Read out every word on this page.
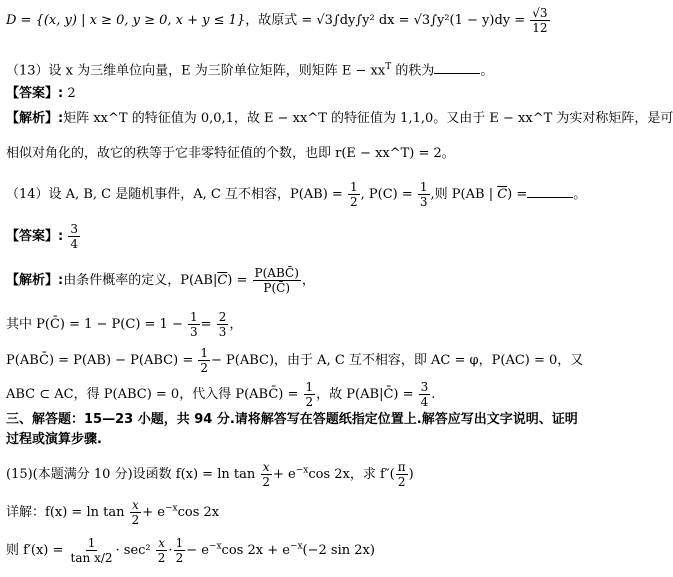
D = {(x, y) | x ≥ 0, y ≥ 0, x + y ≤ 1}，故原式 = √3∫dy∫y² dx = $√3\int y^2(1 - y)dy = \frac{√3}{12}$
（13）设 x 为三维单位向量，E 为三阶单位矩阵，则矩阵 $E - xx^T$ 的秩为	。
【答案】: 2
【解析】:矩阵 xx^T 的特征值为 0,0,1，故 E − xx^T 的特征值为 1,1,0。又由于 E − xx^T 为实对称矩阵，是可
相似对角化的，故它的秩等于它非零特征值的个数，也即 r(E − xx^T) = 2。
（14）设 A, B, C 是随机事件，A, C 互不相容，$P(AB) = \frac{1}{2}$ , $P(C) = \frac{1}{3}$ ,则 P(AB | $\overline{C}$) =	。
【答案】: $\frac{3}{4}$
【解析】:由条件概率的定义，$P(AB|\overline{C}) = \frac{\text{P(ABC̄)}}{P(C̄)}$ ，
其中 P(C̄) = $1 - P(C) = 1 - \frac{1}{3} = \frac{2}{3}$ ，
P(ABC̄) = $P(AB) - P(ABC) = \frac{1}{2} - P(ABC)$，由于 A, C 互不相容，即 AC = φ，P(AC) = 0，又
ABC ⊂ AC，得 P(ABC) = 0，代入得 P(ABC̄) = $\frac{1}{2}$ ，故 P(AB|C̄) = $\frac{3}{4}$ .
三、解答题：15—23 小题，共 94 分.请将解答写在答题纸指定位置上.解答应写出文字说明、证明过程或演算步骤.
(15)(本题满分 10 分)设函数 $f(x) = \ln \tan \frac{x}{2} + e^{-x}\cos$ 2x，求 $f''( \frac{\pi}{2}$ )
详解：$f(x) = \ln \tan \frac{x}{2} + e^{-x}\cos$ 2x
则 $f'(x) = \frac{1}{\text{tan x/2}} \cdot \sec^2 \frac{x}{2} \cdot \frac{1}{2} - e^{-x}\cos$ $2x + e^{-x}(-2$ sin 2x)
